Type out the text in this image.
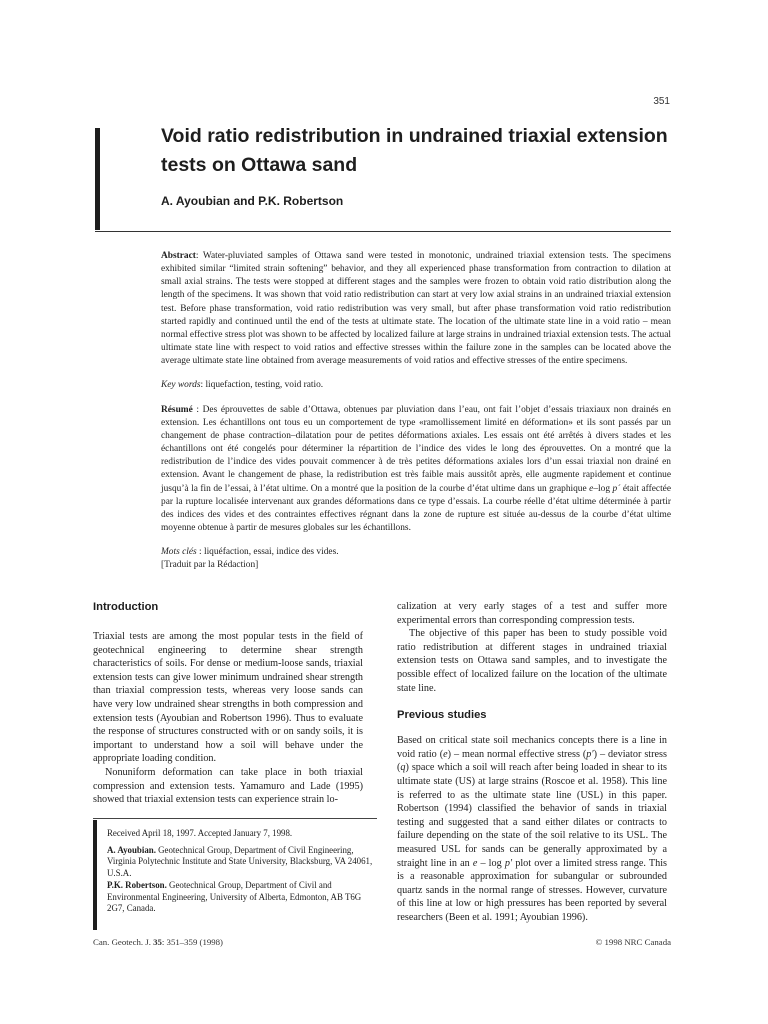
351
Void ratio redistribution in undrained triaxial extension tests on Ottawa sand
A. Ayoubian and P.K. Robertson

Abstract: Water-pluviated samples of Ottawa sand were tested in monotonic, undrained triaxial extension tests. The specimens exhibited similar “limited strain softening” behavior, and they all experienced phase transformation from contraction to dilation at small axial strains. The tests were stopped at different stages and the samples were frozen to obtain void ratio distribution along the length of the specimens. It was shown that void ratio redistribution can start at very low axial strains in an undrained triaxial extension test. Before phase transformation, void ratio redistribution was very small, but after phase transformation void ratio redistribution started rapidly and continued until the end of the tests at ultimate state. The location of the ultimate state line in a void ratio – mean normal effective stress plot was shown to be affected by localized failure at large strains in undrained triaxial extension tests. The actual ultimate state line with respect to void ratios and effective stresses within the failure zone in the samples can be located above the average ultimate state line obtained from average measurements of void ratios and effective stresses of the entire specimens.

Key words: liquefaction, testing, void ratio.

Résumé : Des éprouvettes de sable d’Ottawa, obtenues par pluviation dans l’eau, ont fait l’objet d’essais triaxiaux non drainés en extension. Les échantillons ont tous eu un comportement de type «ramollissement limité en déformation» et ils sont passés par un changement de phase contraction–dilatation pour de petites déformations axiales. Les essais ont été arrêtés à divers stades et les échantillons ont été congelés pour déterminer la répartition de l’indice des vides le long des éprouvettes. On a montré que la redistribution de l’indice des vides pouvait commencer à de très petites déformations axiales lors d’un essai triaxial non drainé en extension. Avant le changement de phase, la redistribution est très faible mais aussitôt après, elle augmente rapidement et continue jusqu’à la fin de l’essai, à l’état ultime. On a montré que la position de la courbe d’état ultime dans un graphique e–log p´ était affectée par la rupture localisée intervenant aux grandes déformations dans ce type d’essais. La courbe réelle d’état ultime déterminée à partir des indices des vides et des contraintes effectives régnant dans la zone de rupture est située au-dessus de la courbe d’état ultime moyenne obtenue à partir de mesures globales sur les échantillons.

Mots clés : liquéfaction, essai, indice des vides.

[Traduit par la Rédaction]

Introduction

Triaxial tests are among the most popular tests in the field of geotechnical engineering to determine shear strength characteristics of soils. For dense or medium-loose sands, triaxial extension tests can give lower minimum undrained shear strength than triaxial compression tests, whereas very loose sands can have very low undrained shear strengths in both compression and extension tests (Ayoubian and Robertson 1996). Thus to evaluate the response of structures constructed with or on sandy soils, it is important to understand how a soil will behave under the appropriate loading condition.

Nonuniform deformation can take place in both triaxial compression and extension tests. Yamamuro and Lade (1995) showed that triaxial extension tests can experience strain lo-

calization at very early stages of a test and suffer more experimental errors than corresponding compression tests.

The objective of this paper has been to study possible void ratio redistribution at different stages in undrained triaxial extension tests on Ottawa sand samples, and to investigate the possible effect of localized failure on the location of the ultimate state line.

Previous studies

Based on critical state soil mechanics concepts there is a line in void ratio (e) – mean normal effective stress (p′) – deviator stress (q) space which a soil will reach after being loaded in shear to its ultimate state (US) at large strains (Roscoe et al. 1958). This line is referred to as the ultimate state line (USL) in this paper. Robertson (1994) classified the behavior of sands in triaxial testing and suggested that a sand either dilates or contracts to failure depending on the state of the soil relative to its USL. The measured USL for sands can be generally approximated by a straight line in an e – log p′ plot over a limited stress range. This is a reasonable approximation for subangular or subrounded quartz sands in the normal range of stresses. However, curvature of this line at low or high pressures has been reported by several researchers (Been et al. 1991; Ayoubian 1996).

Received April 18, 1997. Accepted January 7, 1998.

A. Ayoubian. Geotechnical Group, Department of Civil Engineering, Virginia Polytechnic Institute and State University, Blacksburg, VA 24061, U.S.A.

P.K. Robertson. Geotechnical Group, Department of Civil and Environmental Engineering, University of Alberta, Edmonton, AB T6G 2G7, Canada.

Can. Geotech. J. 35: 351–359 (1998)	© 1998 NRC Canada
